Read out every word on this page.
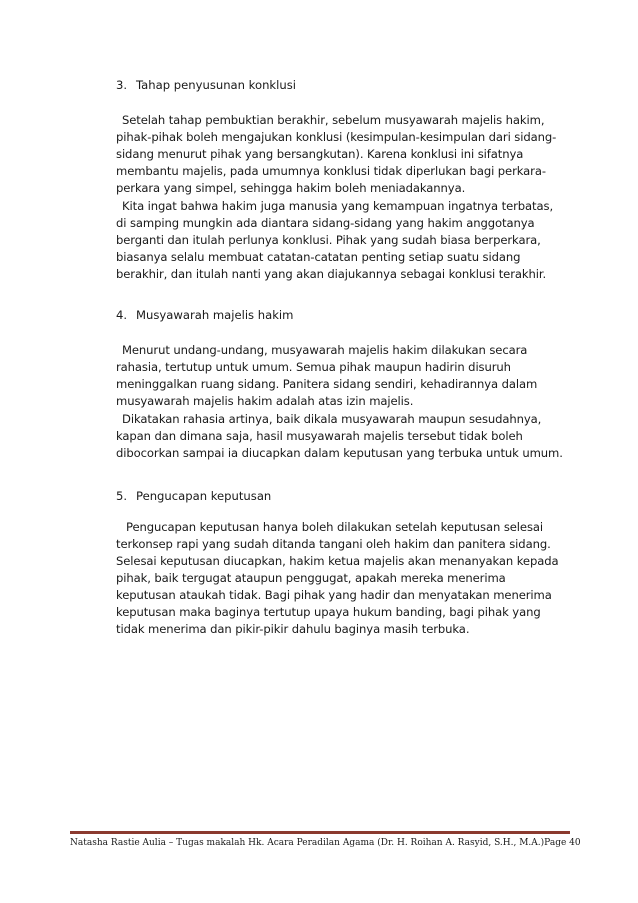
3. Tahap penyusunan konklusi

Setelah tahap pembuktian berakhir, sebelum musyawarah majelis hakim, pihak-pihak boleh mengajukan konklusi (kesimpulan-kesimpulan dari sidang-sidang menurut pihak yang bersangkutan). Karena konklusi ini sifatnya membantu majelis, pada umumnya konklusi tidak diperlukan bagi perkara-perkara yang simpel, sehingga hakim boleh meniadakannya.

Kita ingat bahwa hakim juga manusia yang kemampuan ingatnya terbatas, di samping mungkin ada diantara sidang-sidang yang hakim anggotanya berganti dan itulah perlunya konklusi. Pihak yang sudah biasa berperkara, biasanya selalu membuat catatan-catatan penting setiap suatu sidang berakhir, dan itulah nanti yang akan diajukannya sebagai konklusi terakhir.

4. Musyawarah majelis hakim

Menurut undang-undang, musyawarah majelis hakim dilakukan secara rahasia, tertutup untuk umum. Semua pihak maupun hadirin disuruh meninggalkan ruang sidang. Panitera sidang sendiri, kehadirannya dalam musyawarah majelis hakim adalah atas izin majelis.

Dikatakan rahasia artinya, baik dikala musyawarah maupun sesudahnya, kapan dan dimana saja, hasil musyawarah majelis tersebut tidak boleh dibocorkan sampai ia diucapkan dalam keputusan yang terbuka untuk umum.

5. Pengucapan keputusan

Pengucapan keputusan hanya boleh dilakukan setelah keputusan selesai terkonsep rapi yang sudah ditanda tangani oleh hakim dan panitera sidang. Selesai keputusan diucapkan, hakim ketua majelis akan menanyakan kepada pihak, baik tergugat ataupun penggugat, apakah mereka menerima keputusan ataukah tidak. Bagi pihak yang hadir dan menyatakan menerima keputusan maka baginya tertutup upaya hukum banding, bagi pihak yang tidak menerima dan pikir-pikir dahulu baginya masih terbuka.

Natasha Rastie Aulia – Tugas makalah Hk. Acara Peradilan Agama (Dr. H. Roihan A. Rasyid, S.H., M.A.) Page 40
